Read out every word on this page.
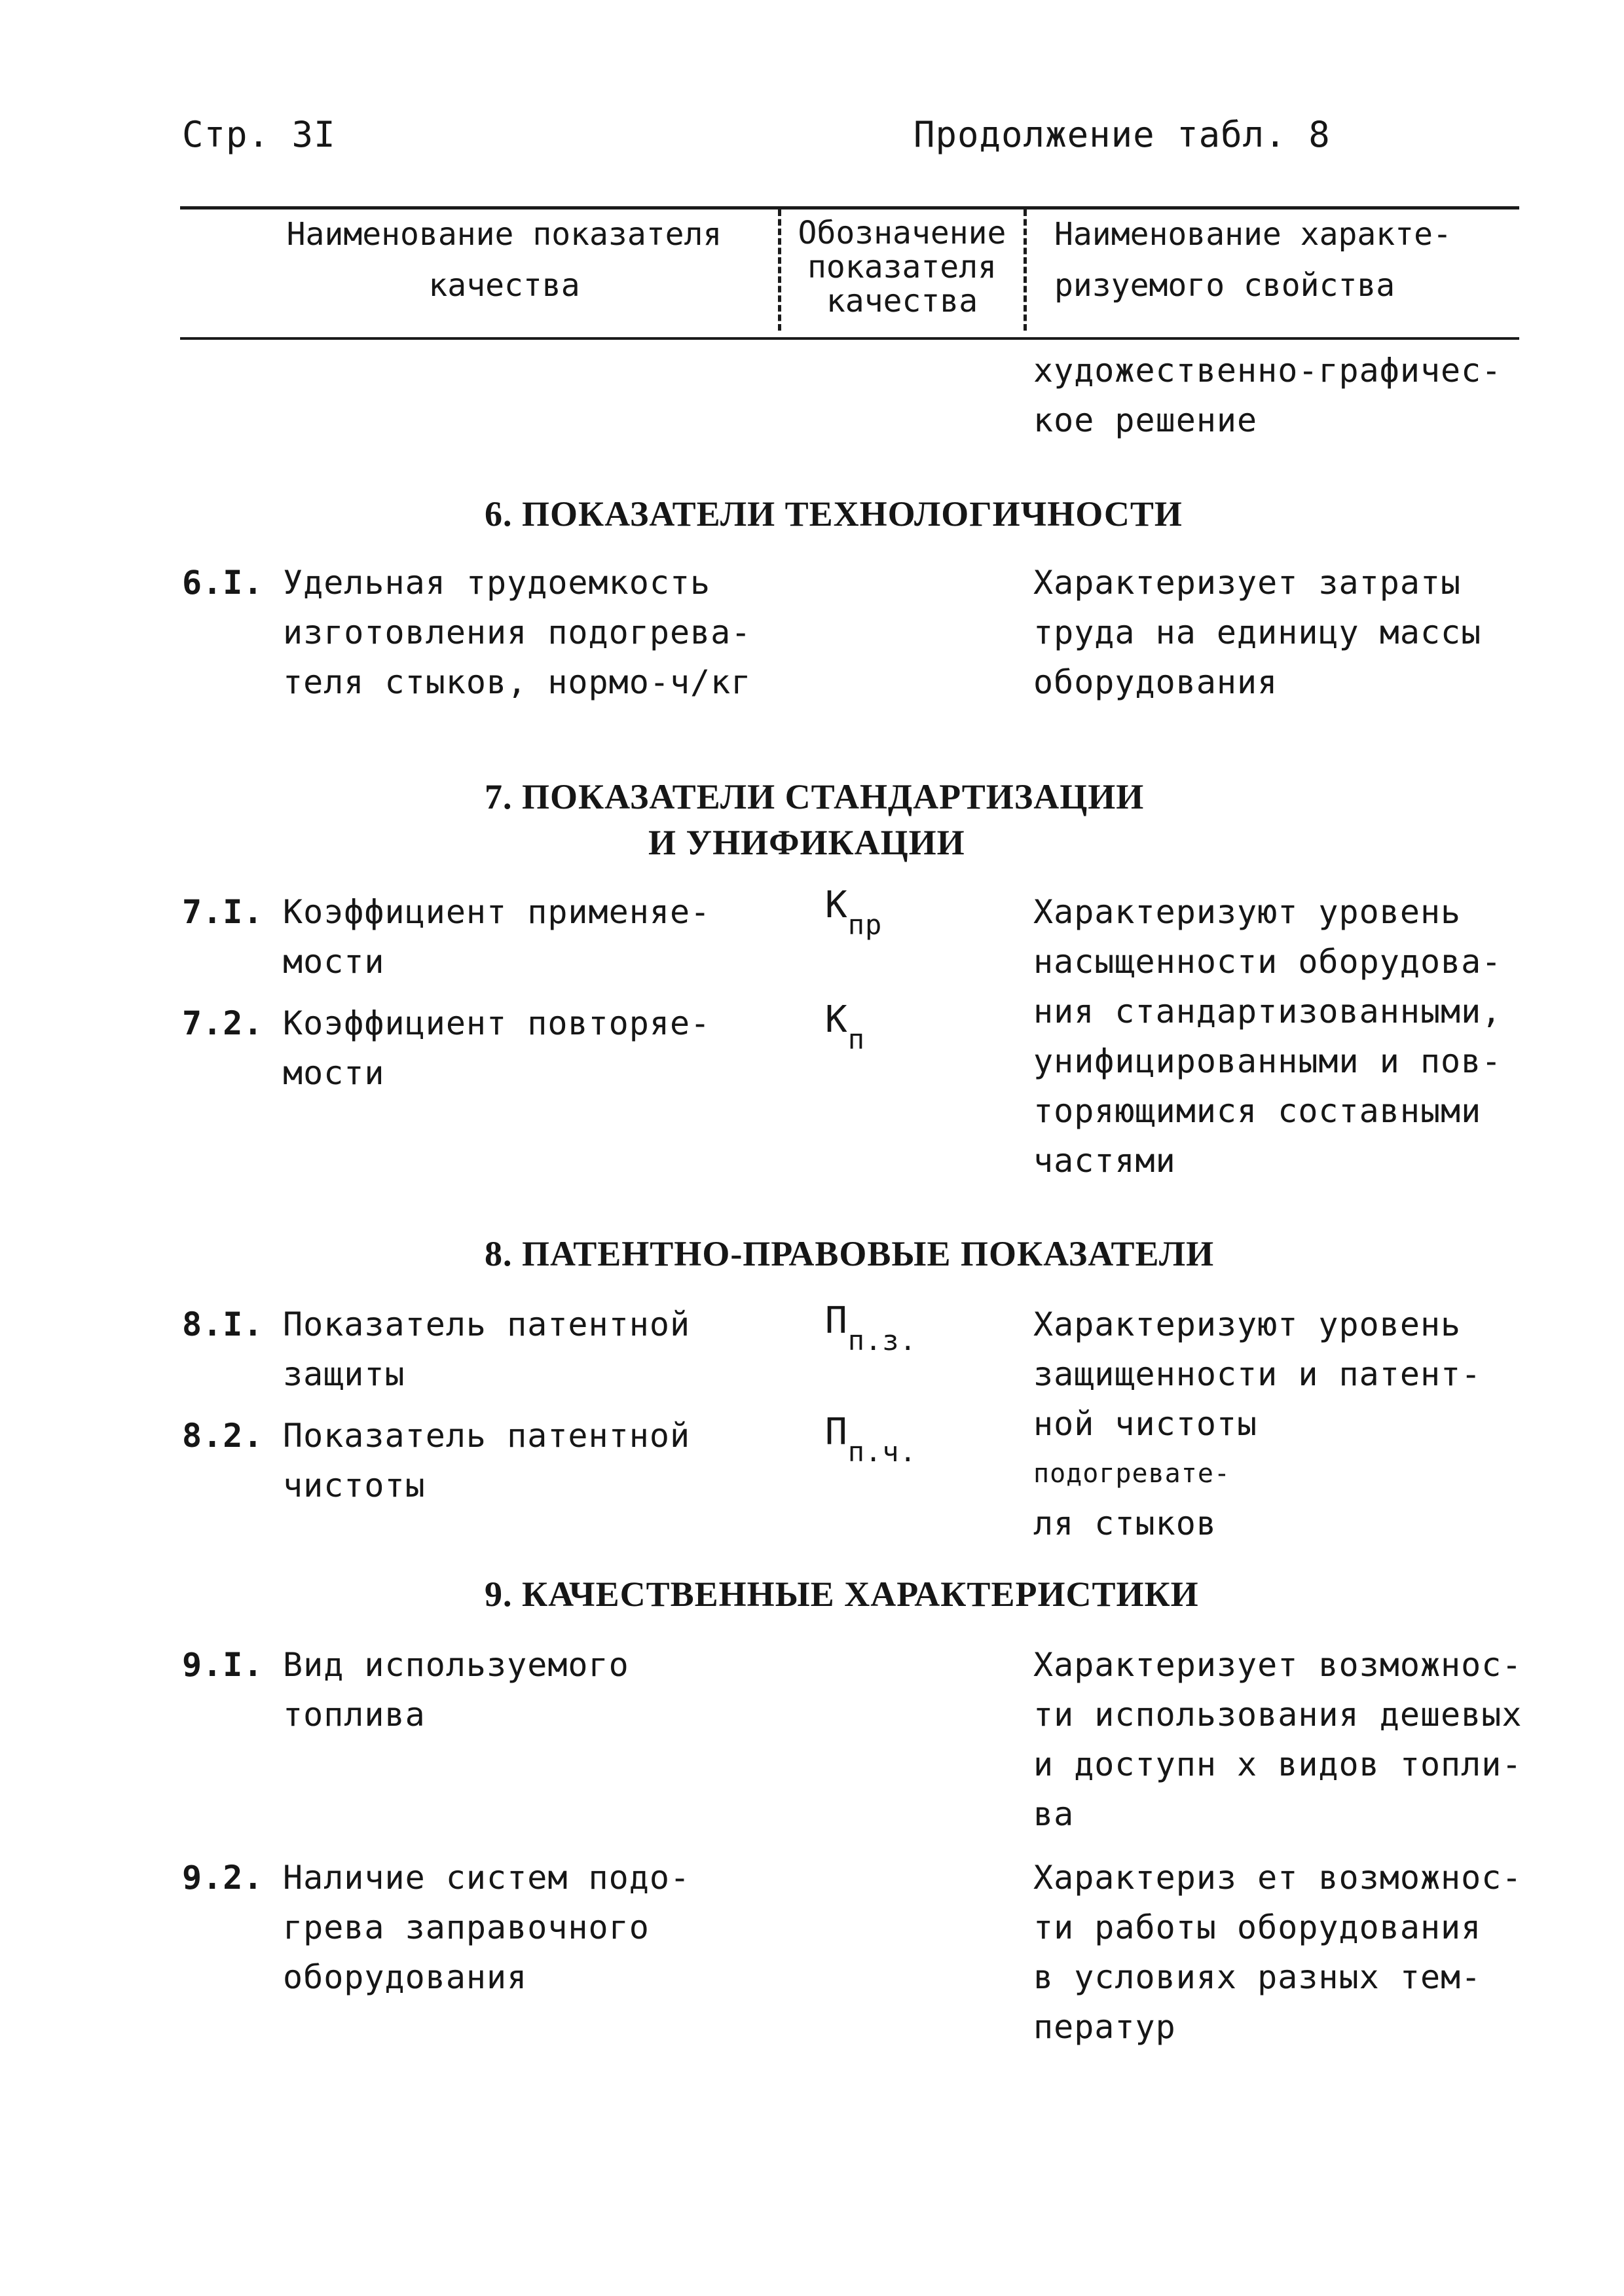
Стр. 3I	Продолжение табл. 8
Наименование показателя
качества
Обозначение
показателя
качества
Наименование характе-
ризуемого свойства
художественно-графичес-
кое решение
6. ПОКАЗАТЕЛИ ТЕХНОЛОГИЧНОСТИ
6.I. Удельная трудоемкость
изготовления подогрева-
теля стыков, нормо-ч/кг
Характеризует затраты
труда на единицу массы
оборудования
7. ПОКАЗАТЕЛИ СТАНДАРТИЗАЦИИ
И УНИФИКАЦИИ
7.I. Коэффициент применяе-
мости
$К_{пр}$
7.2. Коэффициент повторяе-
мости
$К_п$
Характеризуют уровень
насыщенности оборудова-
ния стандартизованными,
унифицированными и пов-
торяющимися составными
частями
8. ПАТЕНТНО-ПРАВОВЫЕ ПОКАЗАТЕЛИ
8.I. Показатель патентной
защиты
$П_{п.з.}$
8.2. Показатель патентной
чистоты
$П_{п.ч.}$
Характеризуют уровень
защищенности и патент-
ной чистоты
подогревате-
ля стыков
9. КАЧЕСТВЕННЫЕ ХАРАКТЕРИСТИКИ
9.I. Вид используемого
топлива
Характеризует возможнос-
ти использования дешевых
и доступн х видов топли-
ва
9.2. Наличие систем подо-
грева заправочного
оборудования
Характериз ет возможнос-
ти работы оборудования
в условиях разных тем-
ператур
